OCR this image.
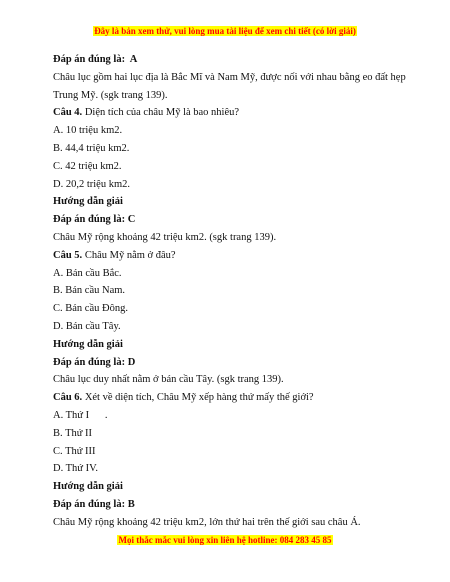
Đây là bản xem thử, vui lòng mua tài liệu để xem chi tiết (có lời giải)
Đáp án đúng là: A
Châu lục gồm hai lục địa là Bắc Mĩ và Nam Mỹ, được nối với nhau bằng eo đất hẹp Trung Mỹ. (sgk trang 139).
Câu 4. Diện tích của châu Mỹ là bao nhiêu?
A. 10 triệu km2.
B. 44,4 triệu km2.
C. 42 triệu km2.
D. 20,2 triệu km2.
Hướng dẫn giải
Đáp án đúng là: C
Châu Mỹ rộng khoảng 42 triệu km2. (sgk trang 139).
Câu 5. Châu Mỹ nằm ở đâu?
A. Bán cầu Bắc.
B. Bán cầu Nam.
C. Bán cầu Đông.
D. Bán cầu Tây.
Hướng dẫn giải
Đáp án đúng là: D
Châu lục duy nhất nằm ở bán cầu Tây. (sgk trang 139).
Câu 6. Xét về diện tích, Châu Mỹ xếp hàng thứ mấy thế giới?
A. Thứ I      .
B. Thứ II
C. Thứ III
D. Thứ IV.
Hướng dẫn giải
Đáp án đúng là: B
Châu Mỹ rộng khoảng 42 triệu km2, lớn thứ hai trên thế giới sau châu Á.
Mọi thắc mắc vui lòng xin liên hệ hotline: 084 283 45 85
